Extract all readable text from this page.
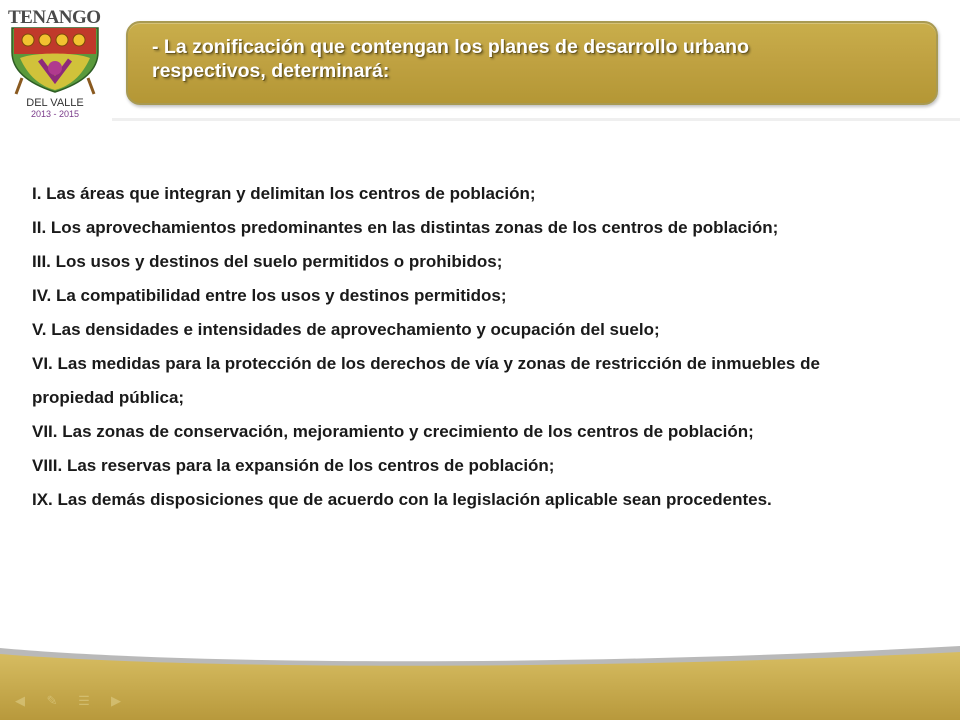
TENANGO
DEL VALLE
2013 - 2015

- La zonificación que contengan los planes de desarrollo urbano
respectivos, determinará:

I. Las áreas que integran y delimitan los centros de población;
II. Los aprovechamientos predominantes en las distintas zonas de los centros de población;
III. Los usos y destinos del suelo permitidos o prohibidos;
IV. La compatibilidad entre los usos y destinos permitidos;
V. Las densidades e intensidades de aprovechamiento y ocupación del suelo;
VI. Las medidas para la protección de los derechos de vía y zonas de restricción de inmuebles de
propiedad pública;
VII. Las zonas de conservación, mejoramiento y crecimiento de los centros de población;
VIII. Las reservas para la expansión de los centros de población;
IX. Las demás disposiciones que de acuerdo con la legislación aplicable sean procedentes.
◀	✎	☰	▶
